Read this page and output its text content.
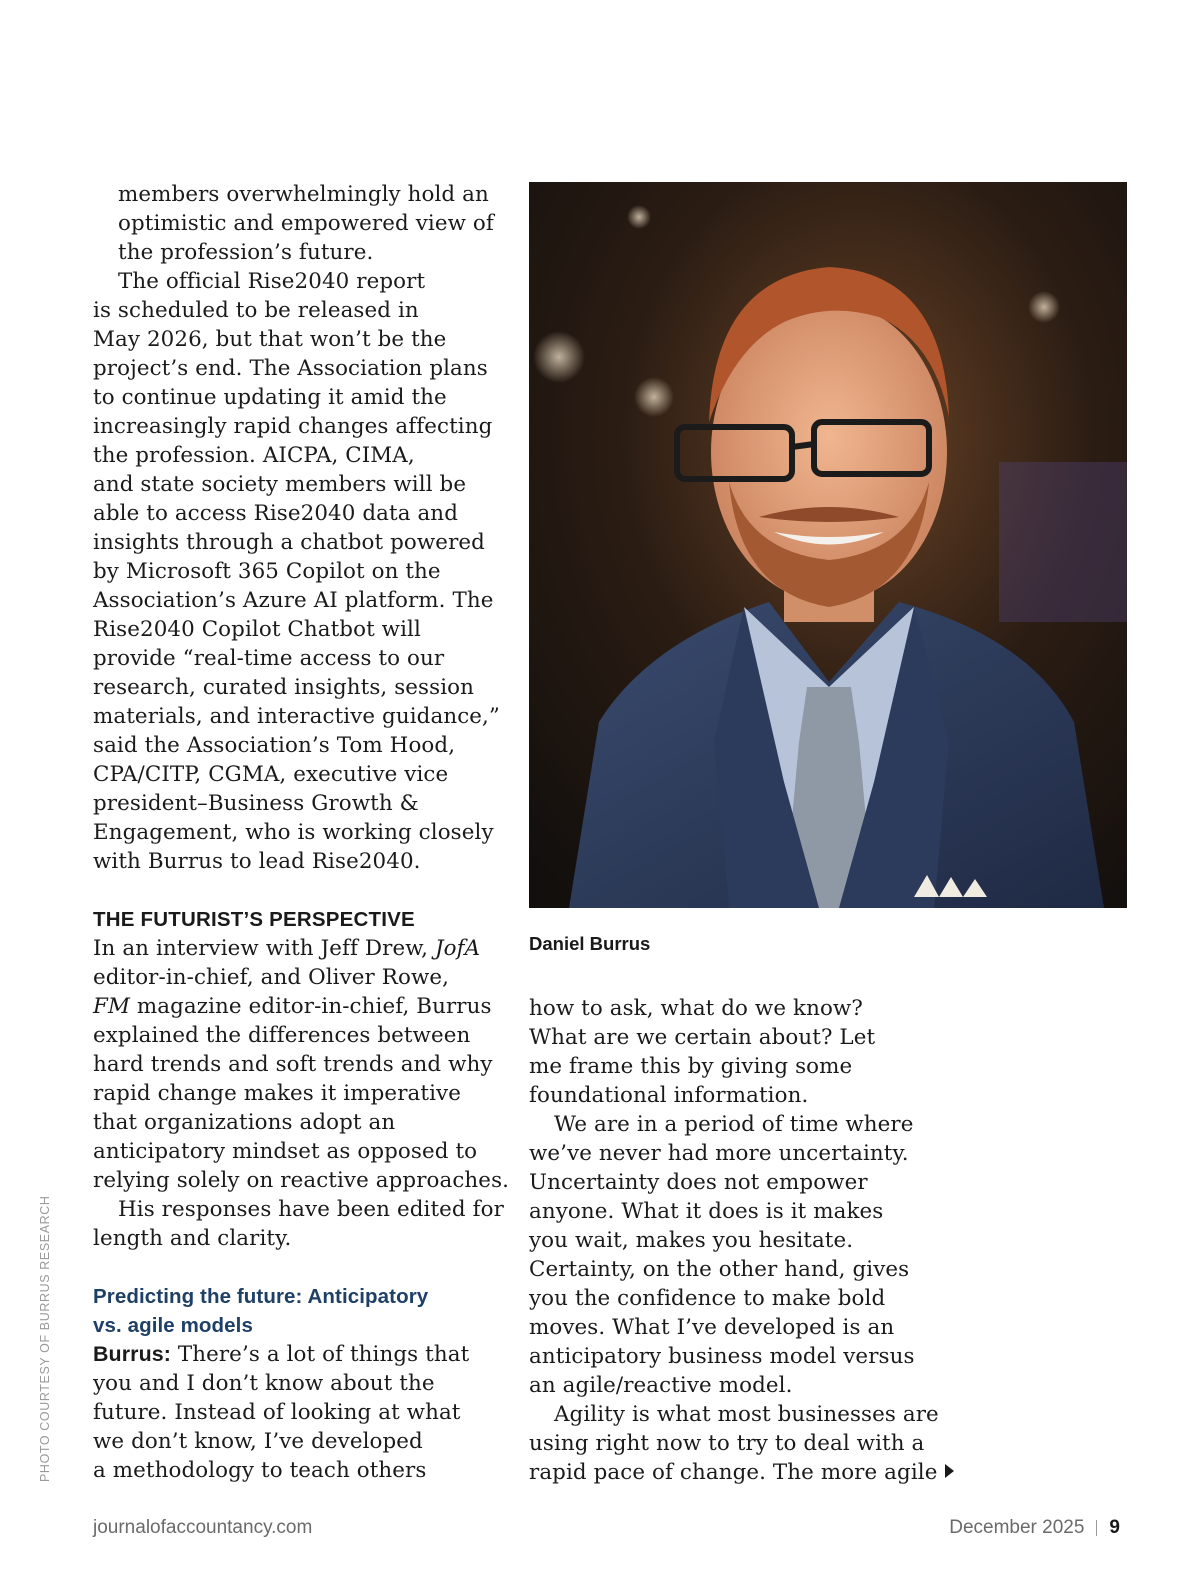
members overwhelmingly hold an
optimistic and empowered view of
the profession’s future.
The official Rise2040 report
is scheduled to be released in
May 2026, but that won’t be the
project’s end. The Association plans
to continue updating it amid the
increasingly rapid changes affecting
the profession. AICPA, CIMA,
and state society members will be
able to access Rise2040 data and
insights through a chatbot powered
by Microsoft 365 Copilot on the
Association’s Azure AI platform. The
Rise2040 Copilot Chatbot will
provide “real-time access to our
research, curated insights, session
materials, and interactive guidance,”
said the Association’s Tom Hood,
CPA/CITP, CGMA, executive vice
president–Business Growth &
Engagement, who is working closely
with Burrus to lead Rise2040.
THE FUTURIST’S PERSPECTIVE
In an interview with Jeff Drew, JofA
editor-in-chief, and Oliver Rowe,
FM magazine editor-in-chief, Burrus
explained the differences between
hard trends and soft trends and why
rapid change makes it imperative
that organizations adopt an
anticipatory mindset as opposed to
relying solely on reactive approaches.
His responses have been edited for
length and clarity.
Predicting the future: Anticipatory
vs. agile models
Burrus: There’s a lot of things that
you and I don’t know about the
future. Instead of looking at what
we don’t know, I’ve developed
a methodology to teach others
Daniel Burrus
how to ask, what do we know?
What are we certain about? Let
me frame this by giving some
foundational information.
We are in a period of time where
we’ve never had more uncertainty.
Uncertainty does not empower
anyone. What it does is it makes
you wait, makes you hesitate.
Certainty, on the other hand, gives
you the confidence to make bold
moves. What I’ve developed is an
anticipatory business model versus
an agile/reactive model.
Agility is what most businesses are
using right now to try to deal with a
rapid pace of change. The more agile
PHOTO COURTESY OF BURRUS RESEARCH
journalofaccountancy.com	December 2025 9
